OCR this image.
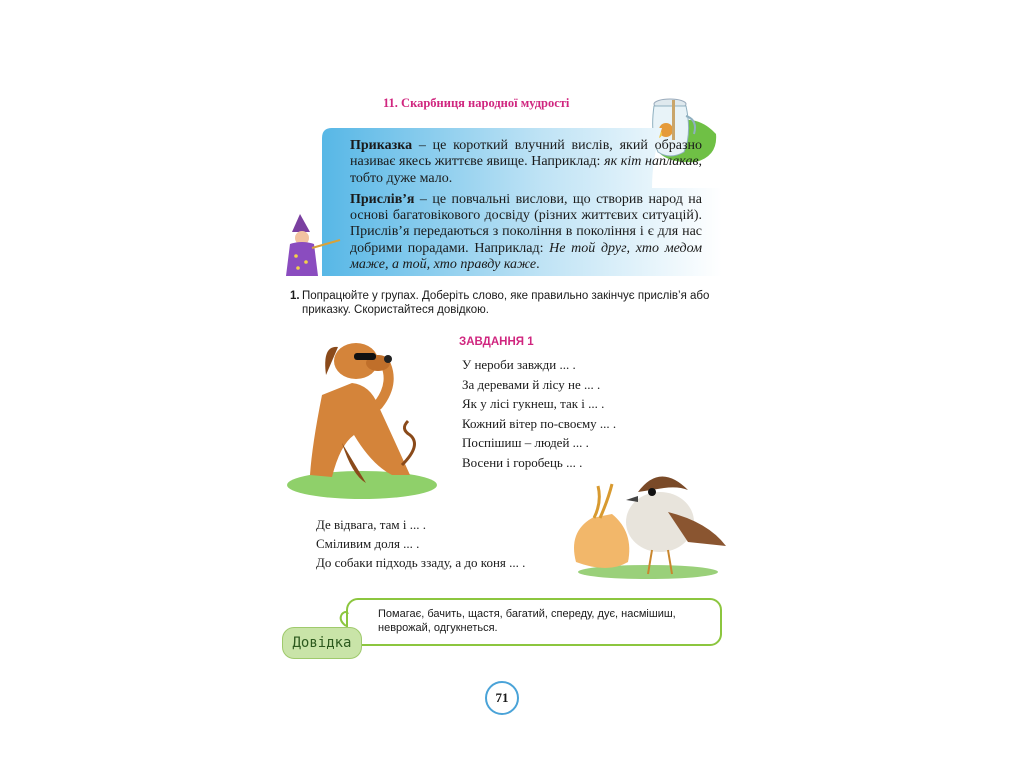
11. Скарбниця народної мудрості

Приказка – це короткий влучний вислів, який образно називає якесь життєве явище. Наприклад: як кіт наплакав, тобто дуже мало.

Прислів’я – це повчальні вислови, що створив народ на основі багатовікового досвіду (різних життєвих ситуацій). Прислів’я передаються з покоління в покоління і є для нас добрими порадами. Наприклад: Не той друг, хто медом маже, а той, хто правду каже.

1. Попрацюйте у групах. Доберіть слово, яке правильно закінчує прислів’я або приказку. Скористайтеся довідкою.
ЗАВДАННЯ 1
У нероби завжди ... .
За деревами й лісу не ... .
Як у лісі гукнеш, так і ... .
Кожний вітер по-своєму ... .
Поспішиш – людей ... .
Восени і горобець ... .
Де відвага, там і ... .
Сміливим доля ... .
До собаки підходь ззаду, а до коня ... .
Помагає, бачить, щастя, багатий, спереду, дує, насмішиш, неврожай, одгукнеться.
Довідка
71
